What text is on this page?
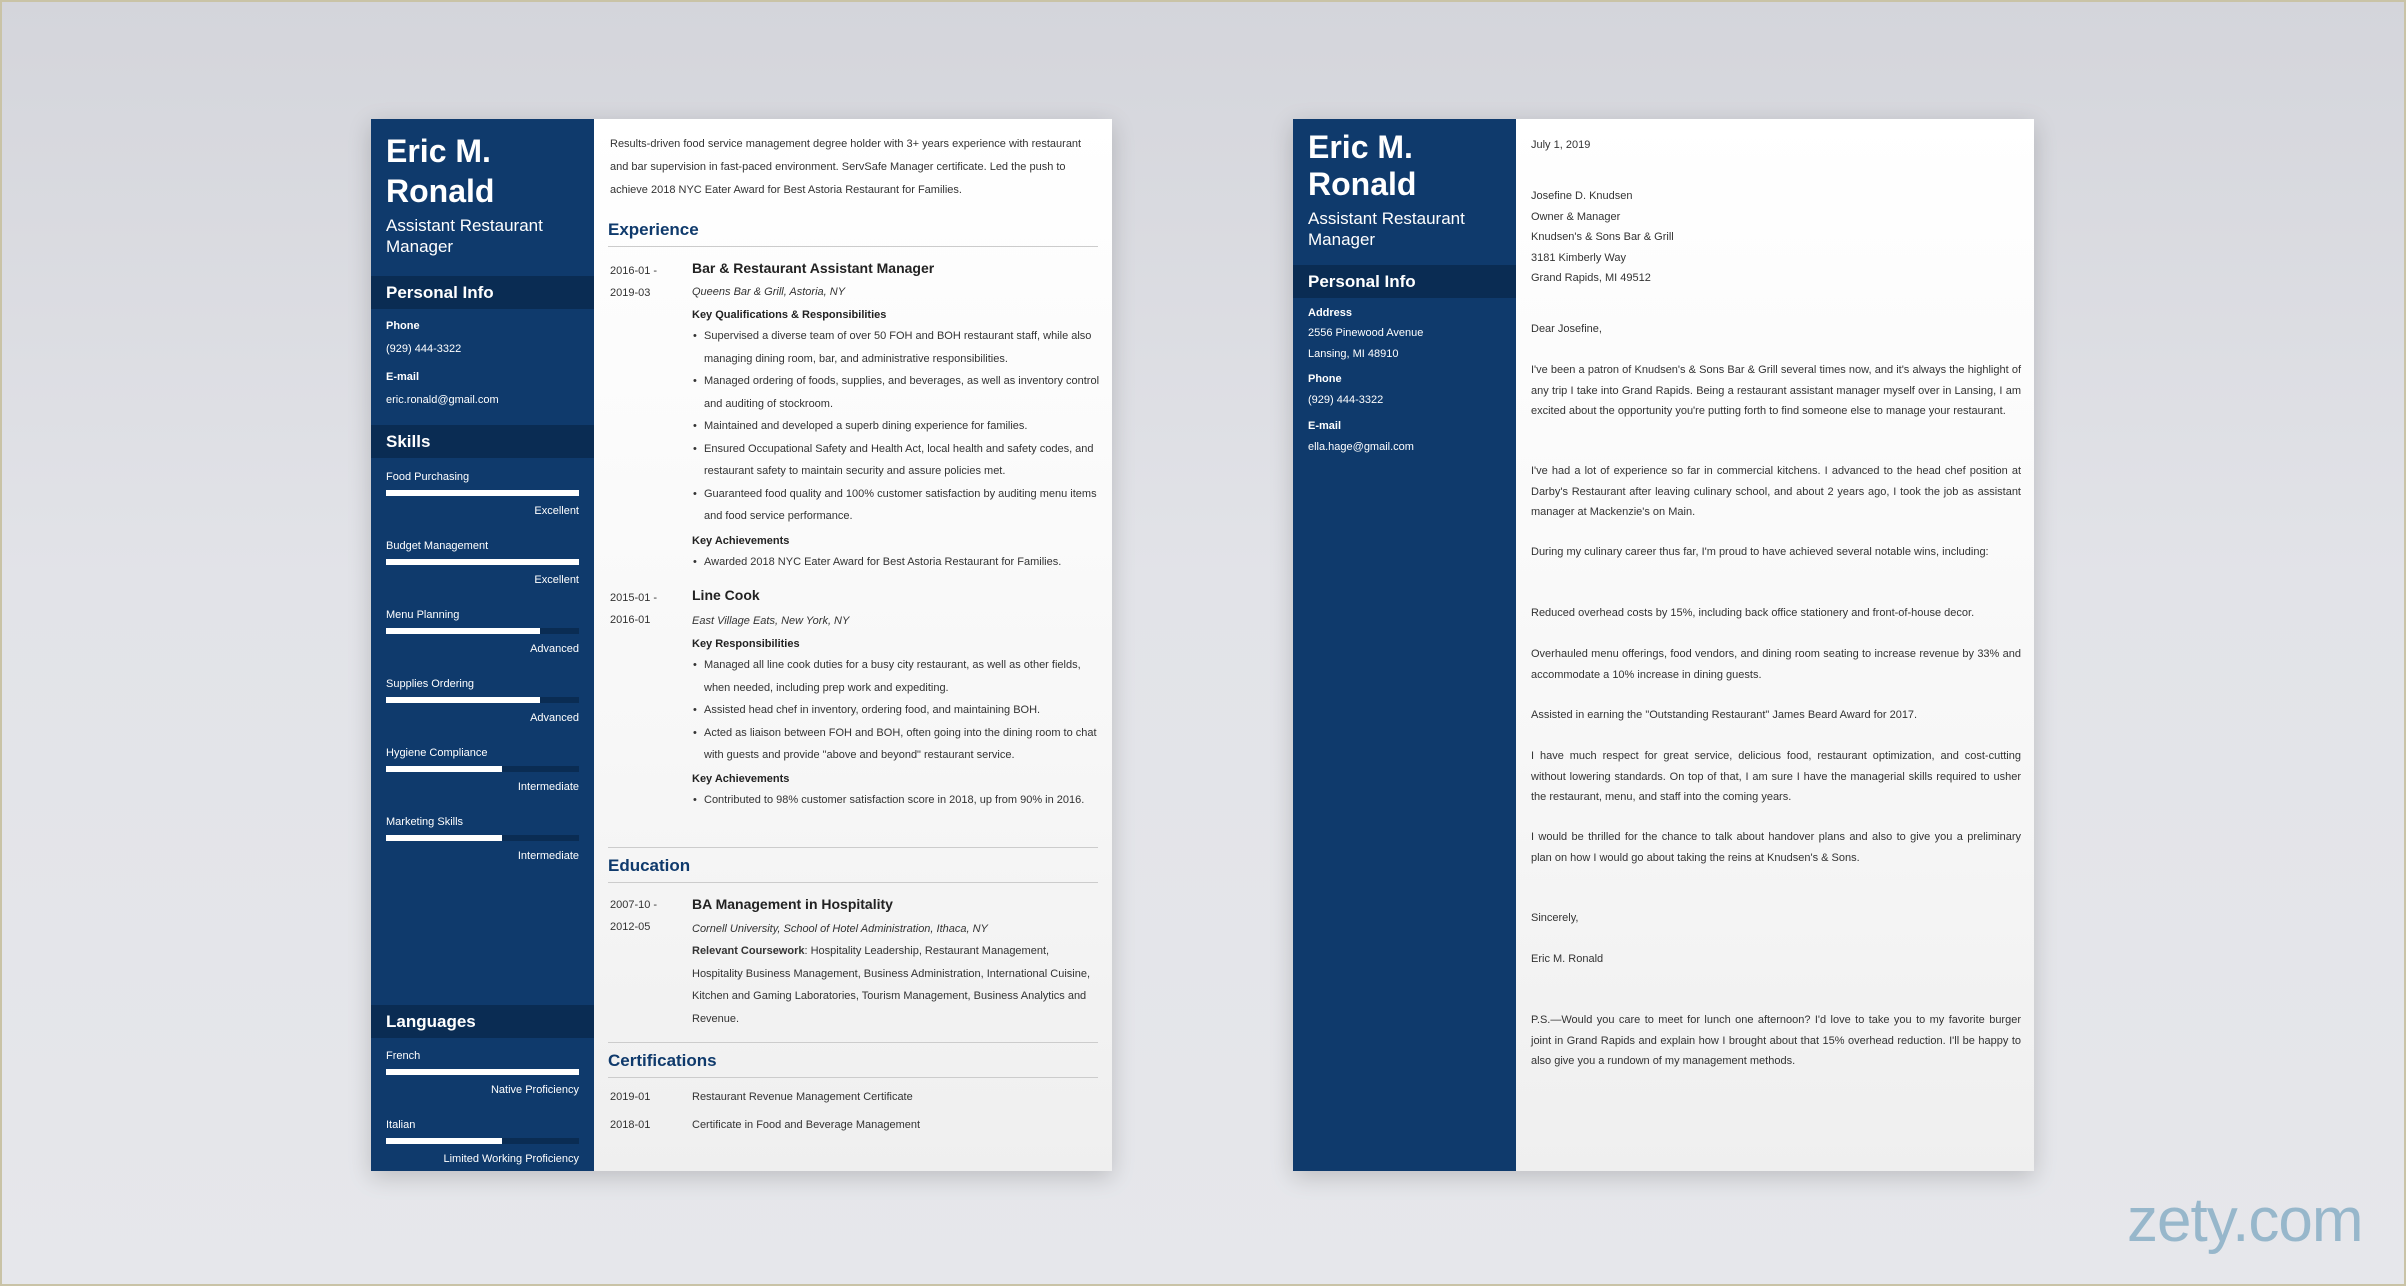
Eric M.
Ronald
Assistant Restaurant
Manager
Personal Info
Phone
(929) 444-3322
E-mail
eric.ronald@gmail.com
Skills
Food Purchasing
Excellent
Budget Management
Excellent
Menu Planning
Advanced
Supplies Ordering
Advanced
Hygiene Compliance
Intermediate
Marketing Skills
Intermediate
Languages
French
Native Proficiency
Italian
Limited Working Proficiency
Results-driven food service management degree holder with 3+ years experience with restaurant and bar supervision in fast-paced environment. ServSafe Manager certificate. Led the push to achieve 2018 NYC Eater Award for Best Astoria Restaurant for Families.
Experience
2016-01 -
2019-03
Bar & Restaurant Assistant Manager
Queens Bar & Grill, Astoria, NY
Key Qualifications & Responsibilities
• Supervised a diverse team of over 50 FOH and BOH restaurant staff, while also managing dining room, bar, and administrative responsibilities.
• Managed ordering of foods, supplies, and beverages, as well as inventory control and auditing of stockroom.
• Maintained and developed a superb dining experience for families.
• Ensured Occupational Safety and Health Act, local health and safety codes, and restaurant safety to maintain security and assure policies met.
• Guaranteed food quality and 100% customer satisfaction by auditing menu items and food service performance.
Key Achievements
• Awarded 2018 NYC Eater Award for Best Astoria Restaurant for Families.
2015-01 -
2016-01
Line Cook
East Village Eats, New York, NY
Key Responsibilities
• Managed all line cook duties for a busy city restaurant, as well as other fields, when needed, including prep work and expediting.
• Assisted head chef in inventory, ordering food, and maintaining BOH.
• Acted as liaison between FOH and BOH, often going into the dining room to chat with guests and provide "above and beyond" restaurant service.
Key Achievements
• Contributed to 98% customer satisfaction score in 2018, up from 90% in 2016.
Education
2007-10 -
2012-05
BA Management in Hospitality
Cornell University, School of Hotel Administration, Ithaca, NY
Relevant Coursework: Hospitality Leadership, Restaurant Management, Hospitality Business Management, Business Administration, International Cuisine, Kitchen and Gaming Laboratories, Tourism Management, Business Analytics and Revenue.
Certifications
2019-01	Restaurant Revenue Management Certificate
2018-01	Certificate in Food and Beverage Management
Eric M.
Ronald
Assistant Restaurant
Manager
Personal Info
Address
2556 Pinewood Avenue
Lansing, MI 48910
Phone
(929) 444-3322
E-mail
ella.hage@gmail.com
July 1, 2019
Josefine D. Knudsen
Owner & Manager
Knudsen's & Sons Bar & Grill
3181 Kimberly Way
Grand Rapids, MI 49512
Dear Josefine,
I've been a patron of Knudsen's & Sons Bar & Grill several times now, and it's always the highlight of any trip I take into Grand Rapids. Being a restaurant assistant manager myself over in Lansing, I am excited about the opportunity you're putting forth to find someone else to manage your restaurant.
I've had a lot of experience so far in commercial kitchens. I advanced to the head chef position at Darby's Restaurant after leaving culinary school, and about 2 years ago, I took the job as assistant manager at Mackenzie's on Main.
During my culinary career thus far, I'm proud to have achieved several notable wins, including:
Reduced overhead costs by 15%, including back office stationery and front-of-house decor.
Overhauled menu offerings, food vendors, and dining room seating to increase revenue by 33% and accommodate a 10% increase in dining guests.
Assisted in earning the "Outstanding Restaurant" James Beard Award for 2017.
I have much respect for great service, delicious food, restaurant optimization, and cost-cutting without lowering standards. On top of that, I am sure I have the managerial skills required to usher the restaurant, menu, and staff into the coming years.
I would be thrilled for the chance to talk about handover plans and also to give you a preliminary plan on how I would go about taking the reins at Knudsen's & Sons.
Sincerely,
Eric M. Ronald
P.S.—Would you care to meet for lunch one afternoon? I'd love to take you to my favorite burger joint in Grand Rapids and explain how I brought about that 15% overhead reduction. I'll be happy to also give you a rundown of my management methods.
zety.com
